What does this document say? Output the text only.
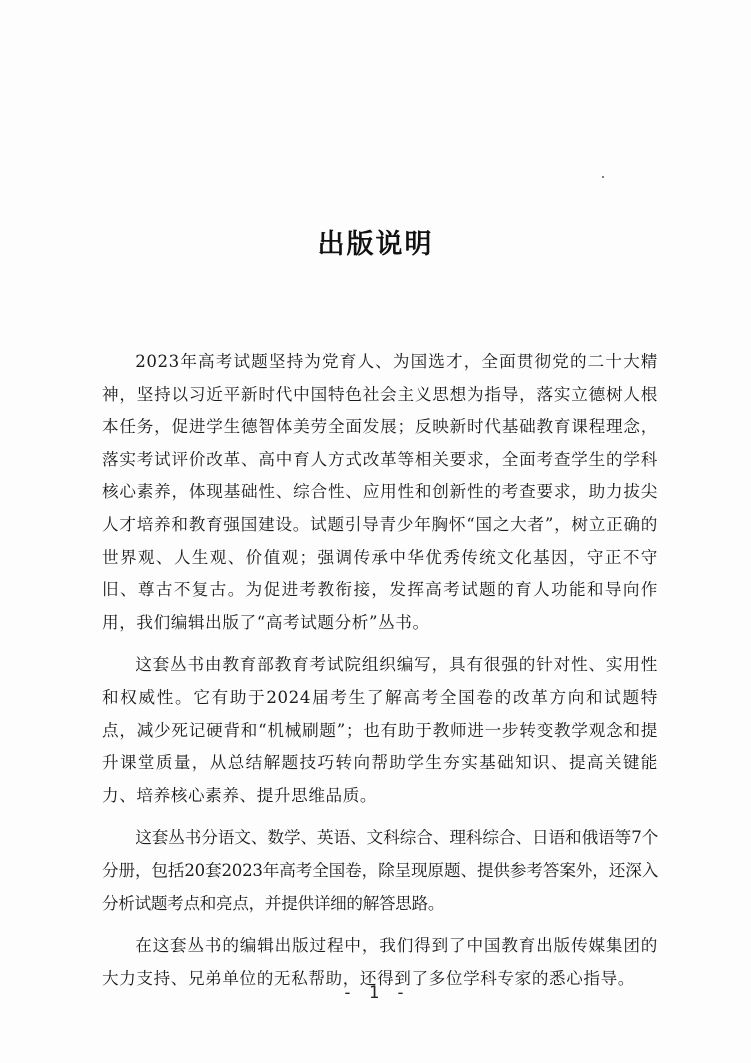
出版说明

2023年高考试题坚持为党育人、为国选才，全面贯彻党的二十大精神，坚持以习近平新时代中国特色社会主义思想为指导，落实立德树人根本任务，促进学生德智体美劳全面发展；反映新时代基础教育课程理念，落实考试评价改革、高中育人方式改革等相关要求，全面考查学生的学科核心素养，体现基础性、综合性、应用性和创新性的考查要求，助力拔尖人才培养和教育强国建设。试题引导青少年胸怀“国之大者”，树立正确的世界观、人生观、价值观；强调传承中华优秀传统文化基因，守正不守旧、尊古不复古。为促进考教衔接，发挥高考试题的育人功能和导向作用，我们编辑出版了“高考试题分析”丛书。

这套丛书由教育部教育考试院组织编写，具有很强的针对性、实用性和权威性。它有助于2024届考生了解高考全国卷的改革方向和试题特点，减少死记硬背和“机械刷题”；也有助于教师进一步转变教学观念和提升课堂质量，从总结解题技巧转向帮助学生夯实基础知识、提高关键能力、培养核心素养、提升思维品质。

这套丛书分语文、数学、英语、文科综合、理科综合、日语和俄语等7个分册，包括20套2023年高考全国卷，除呈现原题、提供参考答案外，还深入分析试题考点和亮点，并提供详细的解答思路。

在这套丛书的编辑出版过程中，我们得到了中国教育出版传媒集团的大力支持、兄弟单位的无私帮助，还得到了多位学科专家的悉心指导。

- 1 -
